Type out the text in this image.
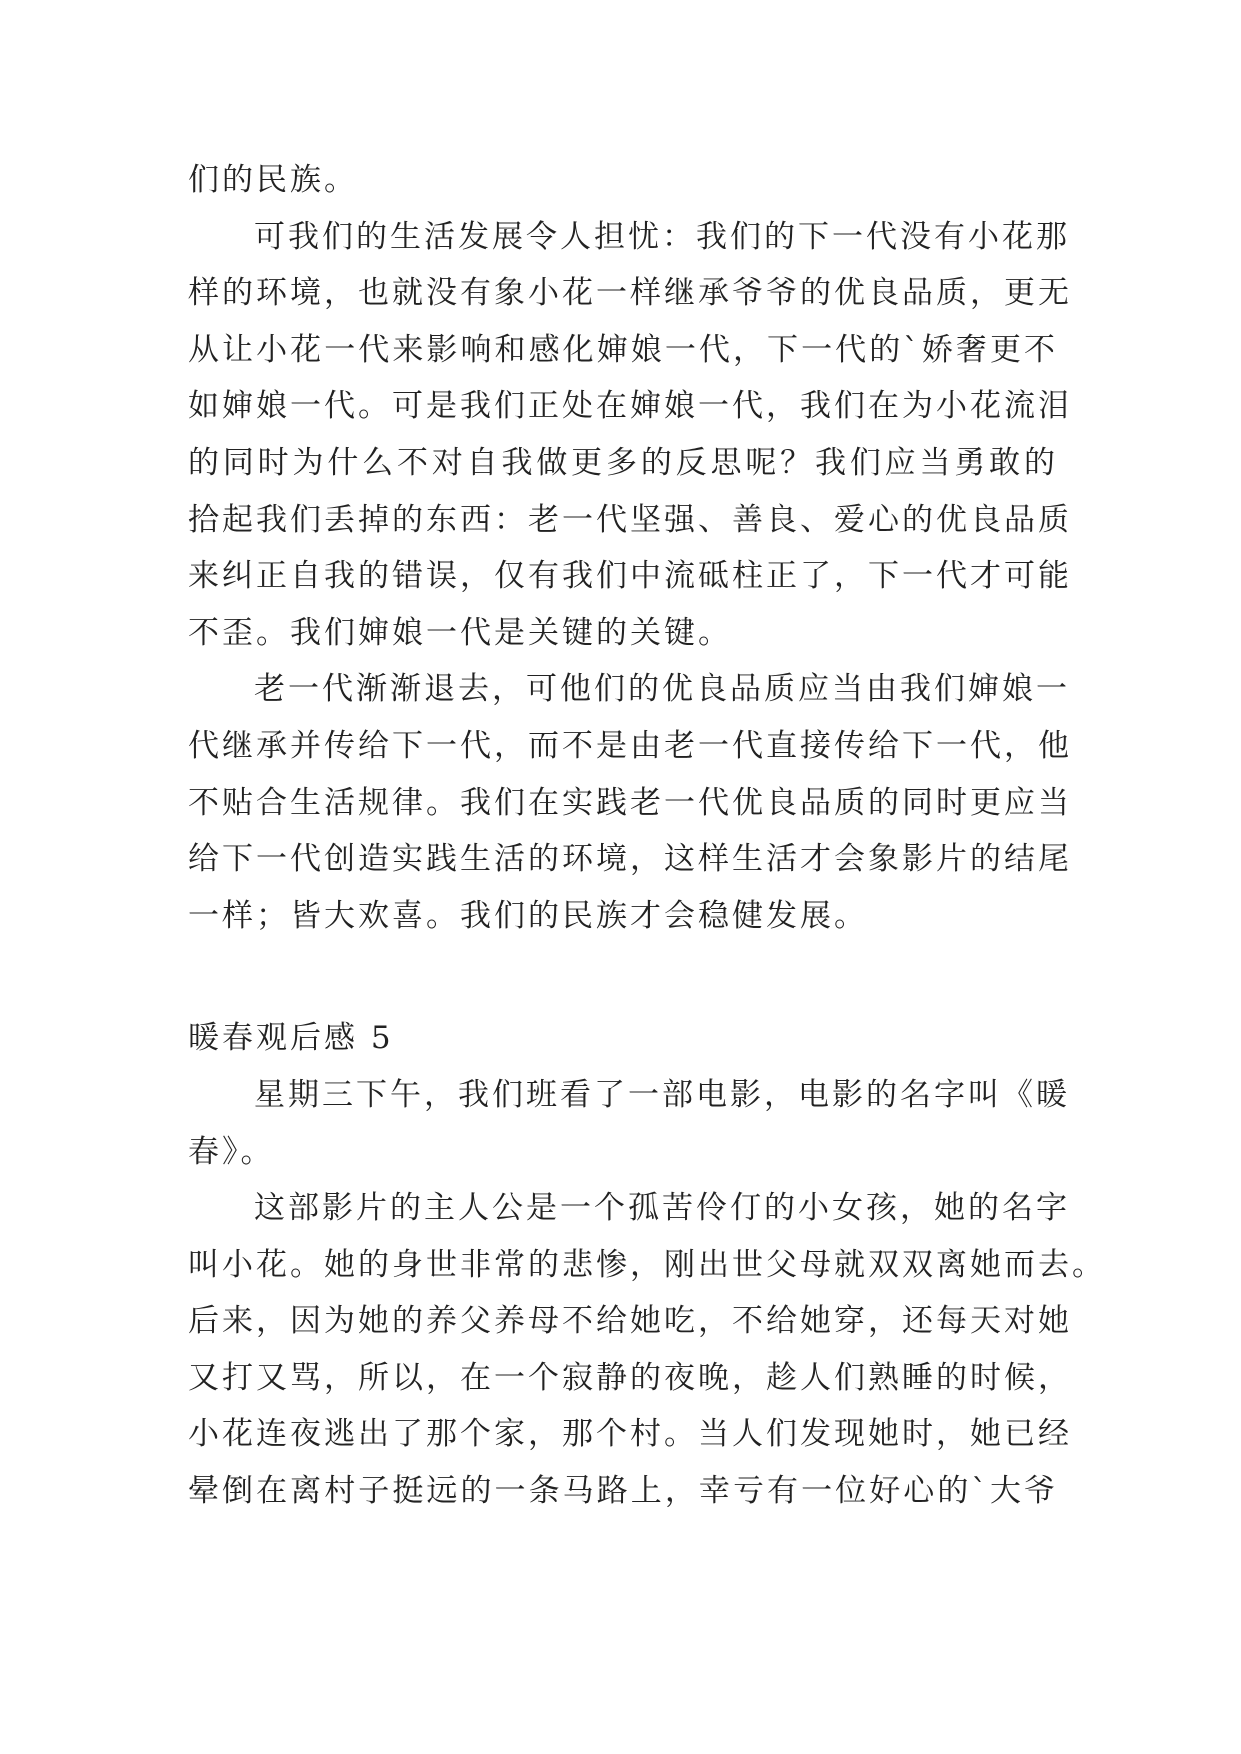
们的民族。
可我们的生活发展令人担忧：我们的下一代没有小花那
样的环境，也就没有象小花一样继承爷爷的优良品质，更无
从让小花一代来影响和感化婶娘一代，下一代的`娇奢更不
如婶娘一代。可是我们正处在婶娘一代，我们在为小花流泪
的同时为什么不对自我做更多的反思呢？我们应当勇敢的
拾起我们丢掉的东西：老一代坚强、善良、爱心的优良品质
来纠正自我的错误，仅有我们中流砥柱正了，下一代才可能
不歪。我们婶娘一代是关键的关键。
老一代渐渐退去，可他们的优良品质应当由我们婶娘一
代继承并传给下一代，而不是由老一代直接传给下一代，他
不贴合生活规律。我们在实践老一代优良品质的同时更应当
给下一代创造实践生活的环境，这样生活才会象影片的结尾
一样；皆大欢喜。我们的民族才会稳健发展。
暖春观后感 5
星期三下午，我们班看了一部电影，电影的名字叫《暖
春》。
这部影片的主人公是一个孤苦伶仃的小女孩，她的名字
叫小花。她的身世非常的悲惨，刚出世父母就双双离她而去。
后来，因为她的养父养母不给她吃，不给她穿，还每天对她
又打又骂，所以，在一个寂静的夜晚，趁人们熟睡的时候，
小花连夜逃出了那个家，那个村。当人们发现她时，她已经
晕倒在离村子挺远的一条马路上，幸亏有一位好心的`大爷
